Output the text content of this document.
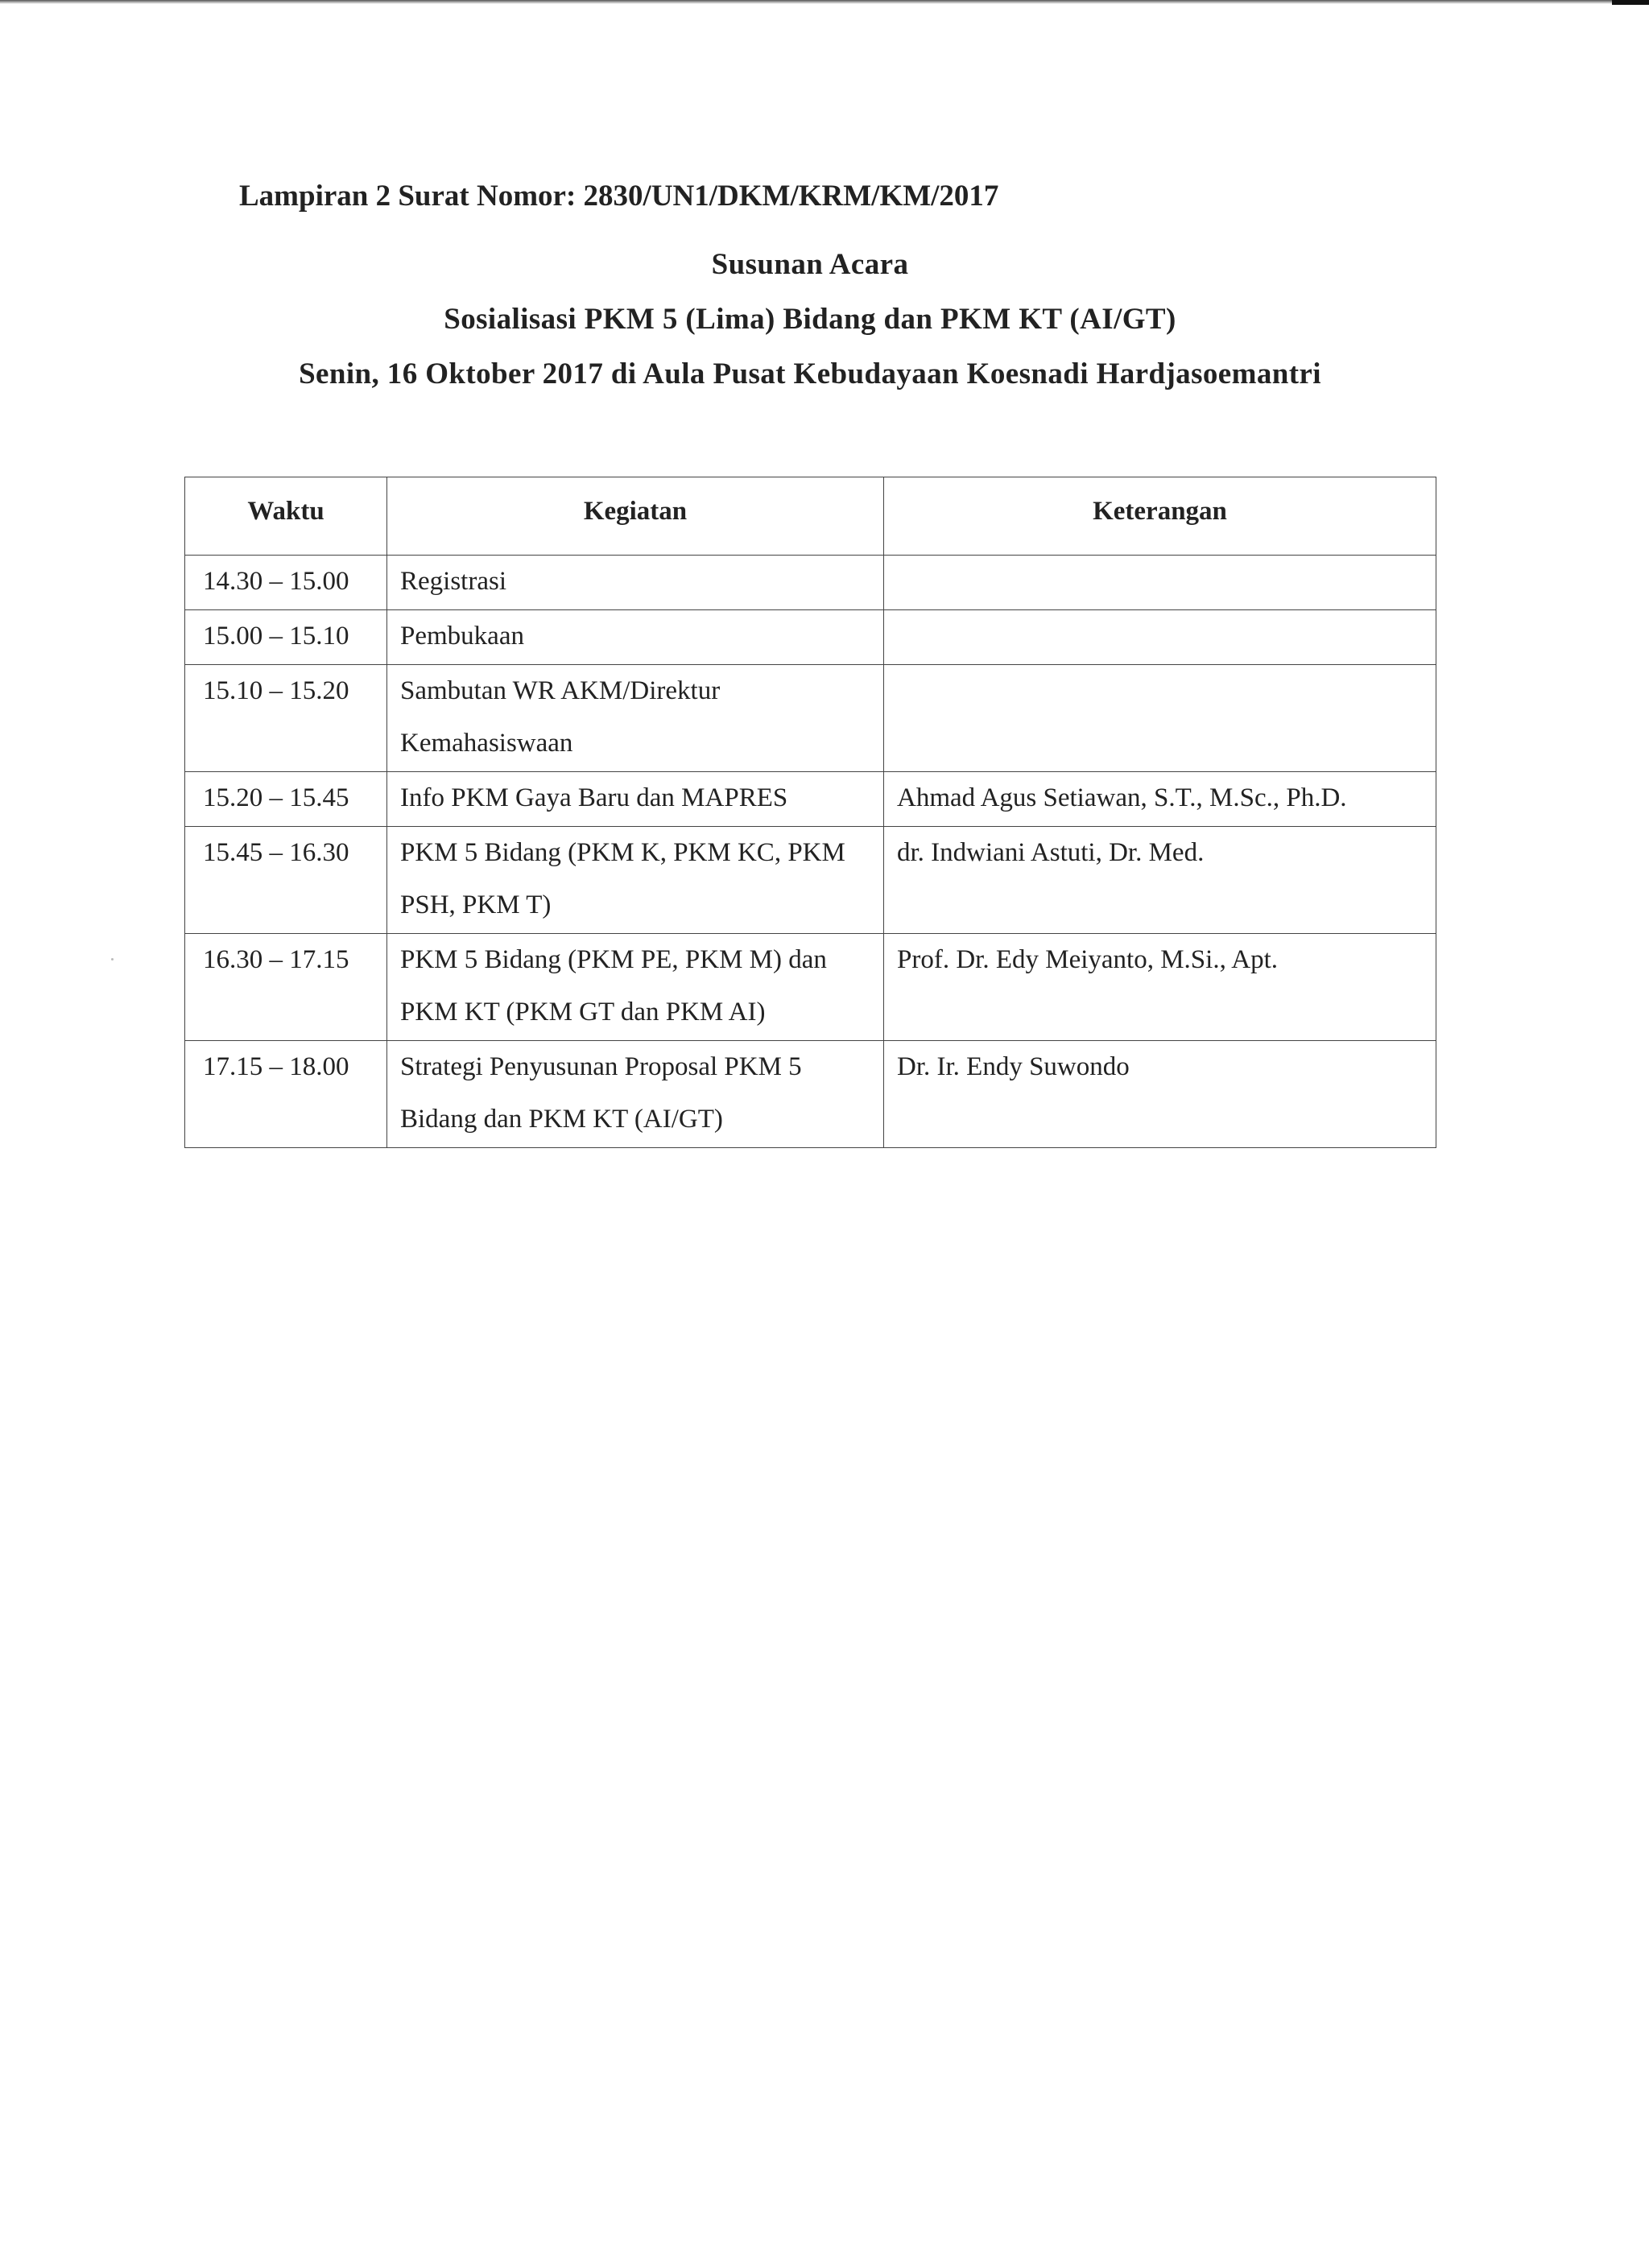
Lampiran 2 Surat Nomor: 2830/UN1/DKM/KRM/KM/2017

Susunan Acara
Sosialisasi PKM 5 (Lima) Bidang dan PKM KT (AI/GT)
Senin, 16 Oktober 2017 di Aula Pusat Kebudayaan Koesnadi Hardjasoemantri
Waktu	Kegiatan	Keterangan
14.30 – 15.00	Registrasi	
15.00 – 15.10	Pembukaan	
15.10 – 15.20	Sambutan WR AKM/Direktur Kemahasiswaan	
15.20 – 15.45	Info PKM Gaya Baru dan MAPRES	Ahmad Agus Setiawan, S.T., M.Sc., Ph.D.
15.45 – 16.30	PKM 5 Bidang (PKM K, PKM KC, PKM PSH, PKM T)	dr. Indwiani Astuti, Dr. Med.
16.30 – 17.15	PKM 5 Bidang (PKM PE, PKM M) dan PKM KT (PKM GT dan PKM AI)	Prof. Dr. Edy Meiyanto, M.Si., Apt.
17.15 – 18.00	Strategi Penyusunan Proposal PKM 5 Bidang dan PKM KT (AI/GT)	Dr. Ir. Endy Suwondo
